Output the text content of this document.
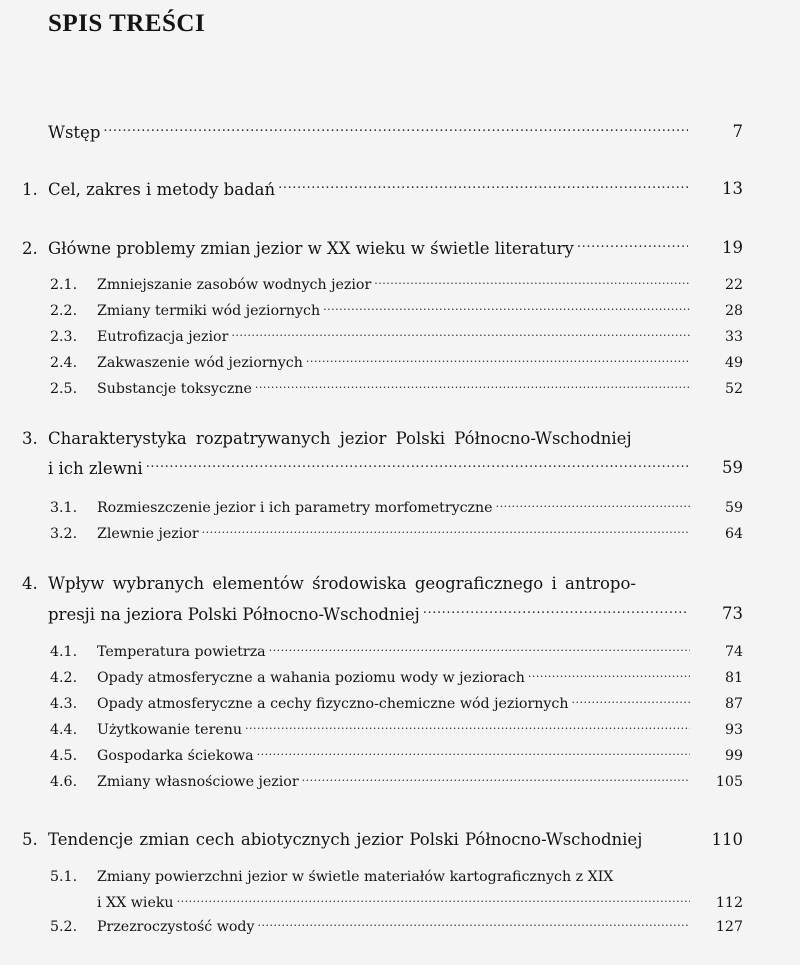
SPIS TREŚCI
Wstęp .....	7
1. Cel, zakres i metody badań .....	13
2. Główne problemy zmian jezior w XX wieku w świetle literatury .....	19
2.1.	Zmniejszanie zasobów wodnych jezior .....	22
2.2.	Zmiany termiki wód jeziornych .....	28
2.3.	Eutrofizacja jezior .....	33
2.4.	Zakwaszenie wód jeziornych .....	49
2.5.	Substancje toksyczne .....	52
3. Charakterystyka rozpatrywanych jezior Polski Północno-Wschodniej
i ich zlewni .....	59
3.1.	Rozmieszczenie jezior i ich parametry morfometryczne .....	59
3.2.	Zlewnie jezior .....	64
4. Wpływ wybranych elementów środowiska geograficznego i antropo-
presji na jeziora Polski Północno-Wschodniej .....	73
4.1.	Temperatura powietrza .....	74
4.2.	Opady atmosferyczne a wahania poziomu wody w jeziorach .....	81
4.3.	Opady atmosferyczne a cechy fizyczno-chemiczne wód jeziornych .....	87
4.4.	Użytkowanie terenu .....	93
4.5.	Gospodarka ściekowa .....	99
4.6.	Zmiany własnościowe jezior .....	105
5. Tendencje zmian cech abiotycznych jezior Polski Północno-Wschodniej	110
5.1. Zmiany powierzchni jezior w świetle materiałów kartograficznych z XIX
i XX wieku .....	112
5.2.	Przezroczystość wody .....	127
